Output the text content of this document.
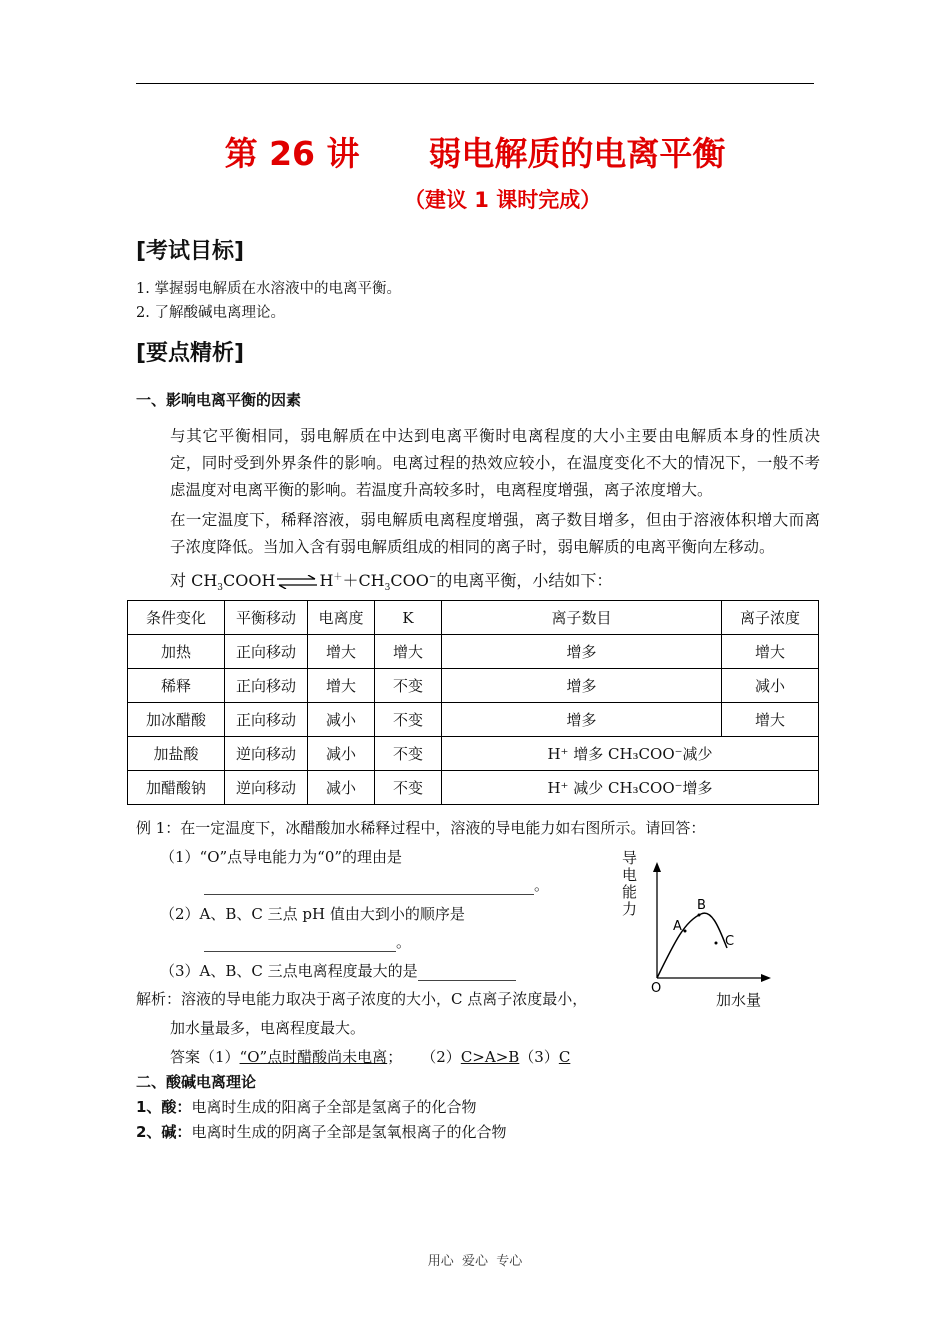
第 26 讲      弱电解质的电离平衡
（建议 1 课时完成）
[考试目标]
1. 掌握弱电解质在水溶液中的电离平衡。
2. 了解酸碱电离理论。
[要点精析]
一、影响电离平衡的因素
与其它平衡相同，弱电解质在中达到电离平衡时电离程度的大小主要由电解质本身的性质决定，同时受到外界条件的影响。电离过程的热效应较小，在温度变化不大的情况下，一般不考虑温度对电离平衡的影响。若温度升高较多时，电离程度增强，离子浓度增大。
在一定温度下，稀释溶液，弱电解质电离程度增强，离子数目增多，但由于溶液体积增大而离子浓度降低。当加入含有弱电解质组成的相同的离子时，弱电解质的电离平衡向左移动。
对 $CH_3COOH\rightleftharpoons H^++CH_3COO^-$的电离平衡，小结如下：
条件变化	平衡移动	电离度	K	离子数目	离子浓度
加热	正向移动	增大	增大	增多	增大
稀释	正向移动	增大	不变	增多	减小
加冰醋酸	正向移动	减小	不变	增多	增大
加盐酸	逆向移动	减小	不变	H⁺ 增多 CH₃COO⁻减少	
加醋酸钠	逆向移动	减小	不变	H⁺ 减少 CH₃COO⁻增多	
例 1：在一定温度下，冰醋酸加水稀释过程中，溶液的导电能力如右图所示。请回答：
（1）“O”点导电能力为“0”的理由是
。
（2）A、B、C 三点 pH 值由大到小的顺序是
。
（3）A、B、C 三点电离程度最大的是
解析：溶液的导电能力取决于离子浓度的大小，C 点离子浓度最小，
加水量最多，电离程度最大。
答案（1）“O”点时醋酸尚未电离；    （2）C>A>B（3）C
A
B
C
O
导
电
能
力
加水量
二、酸碱电离理论
1、酸：电离时生成的阳离子全部是氢离子的化合物
2、碱：电离时生成的阴离子全部是氢氧根离子的化合物
用心  爱心  专心
